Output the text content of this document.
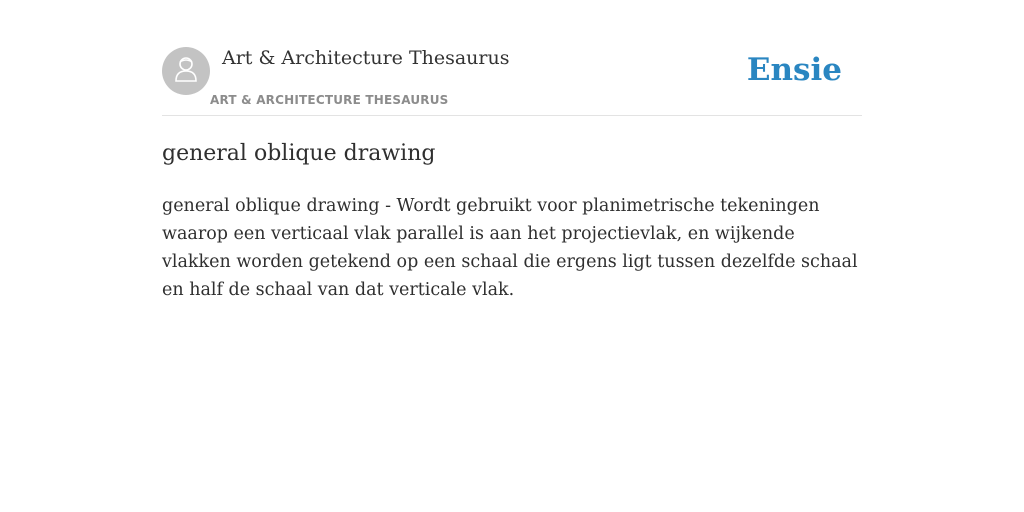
Art & Architecture Thesaurus
ART & ARCHITECTURE THESAURUS
Ensie
general oblique drawing

general oblique drawing - Wordt gebruikt voor planimetrische tekeningen waarop een verticaal vlak parallel is aan het projectievlak, en wijkende vlakken worden getekend op een schaal die ergens ligt tussen dezelfde schaal en half de schaal van dat verticale vlak.
